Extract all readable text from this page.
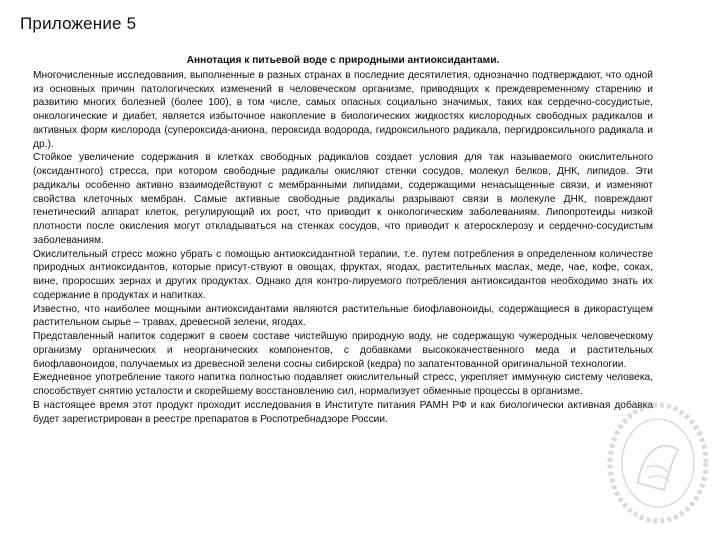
Приложение 5
Аннотация к питьевой воде с природными антиоксидантами.

Многочисленные исследования, выполненные в разных странах в последние десятилетия, однозначно подтверждают, что одной из основных причин патологических изменений в человеческом организме, приводящих к преждевременному старению и развитию многих болезней (более 100), в том числе, самых опасных социально значимых, таких как сердечно-сосудистые, онкологические и диабет, является избыточное накопление в биологических жидкостях кислородных свободных радикалов и активных форм кислорода (супероксида-аниона, пероксида водорода, гидроксильного радикала, пергидроксильного радикала и др.).

Стойкое увеличение содержания в клетках свободных радикалов создает условия для так называемого окислительного (оксидантного) стресса, при котором свободные радикалы окисляют стенки сосудов, молекул белков, ДНК, липидов. Эти радикалы особенно активно взаимодействуют с мембранными липидами, содержащими ненасыщенные связи, и изменяют свойства клеточных мембран. Самые активные свободные радикалы разрывают связи в молекуле ДНК, повреждают генетический аппарат клеток, регулирующий их рост, что приводит к онкологическим заболеваниям. Липопротеиды низкой плотности после окисления могут откладываться на стенках сосудов, что приводит к атеросклерозу и сердечно-сосудистым заболеваниям.

Окислительный стресс можно убрать с помощью антиоксидантной терапии, т.е. путем потребления в определенном количестве природных антиоксидантов, которые присут-ствуют в овощах, фруктах, ягодах, растительных маслах, меде, чае, кофе, соках, вине, проросших зернах и других продуктах. Однако для контро-лируемого потребления антиоксидантов необходимо знать их содержание в продуктах и напитках.

Известно, что наиболее мощными антиоксидантами являются растительные биофлавоноиды, содержащиеся в дикорастущем растительном сырье – травах, древесной зелени, ягодах.

Представленный напиток содержит в своем составе чистейшую природную воду, не содержащую чужеродных человеческому организму органических и неорганических компонентов, с добавками высококачественного меда и растительных биофлавоноидов, получаемых из древесной зелени сосны сибирской (кедра) по запатентованной оригинальной технологии.

Ежедневное употребление такого напитка полностью подавляет окислительный стресс, укрепляет иммунную систему человека, способствует снятию усталости и скорейшему восстановлению сил, нормализует обменные процессы в организме.

В настоящее время этот продукт проходит исследования в Институте питания РАМН РФ и как биологически активная добавка будет зарегистрирован в реестре препаратов в Роспотребнадзоре России.
